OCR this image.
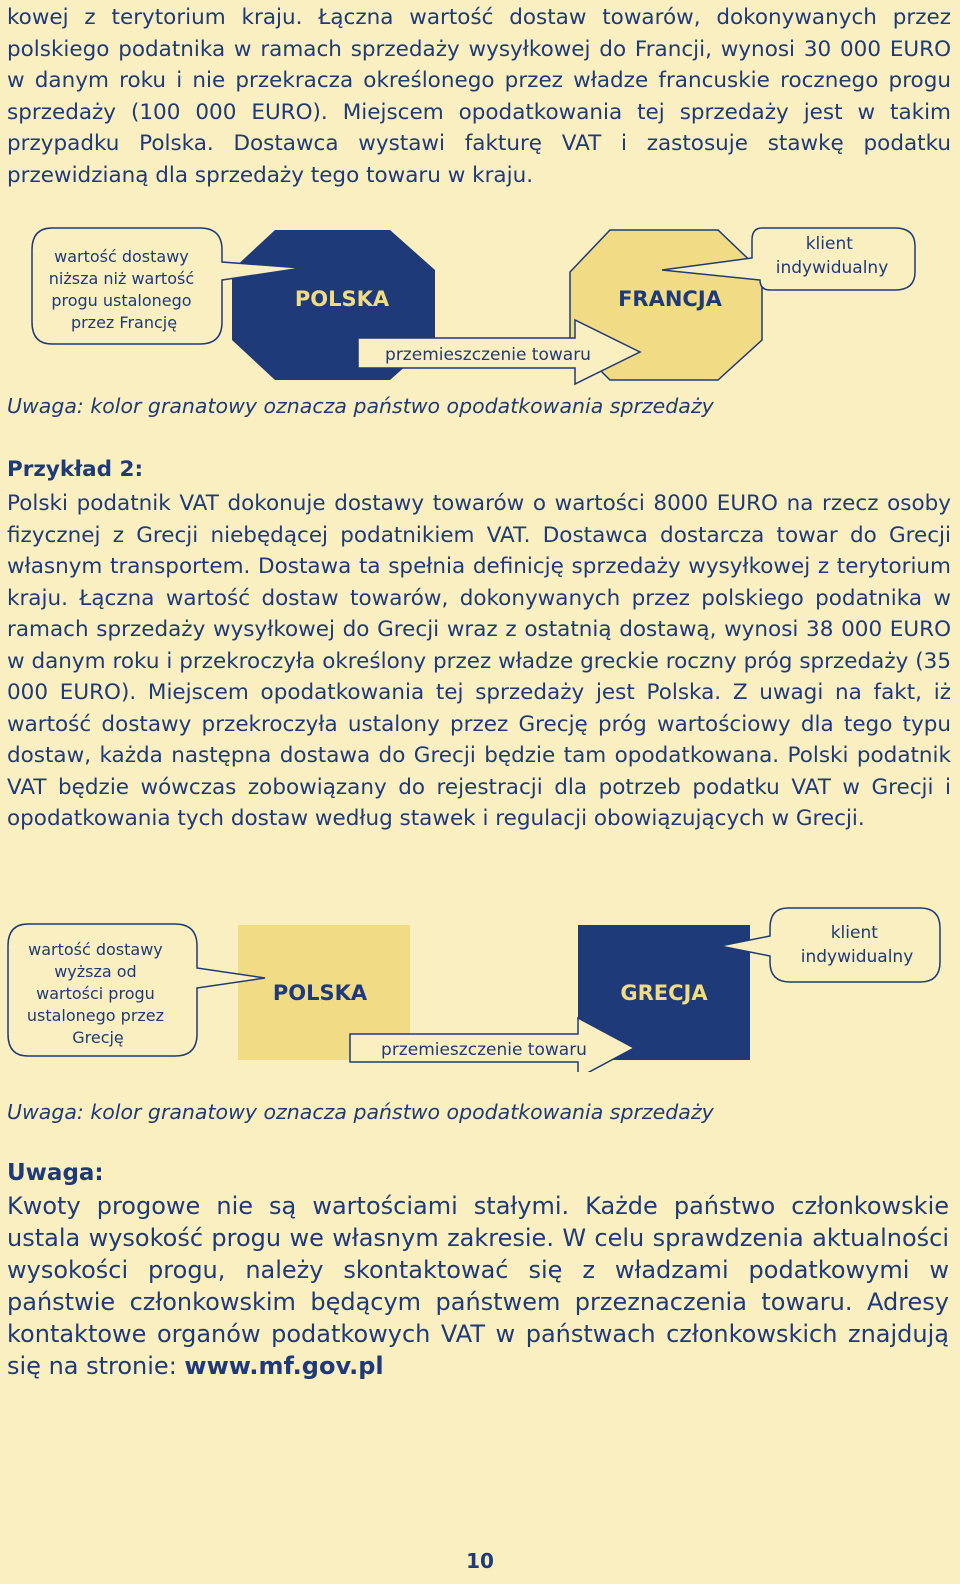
kowej z terytorium kraju. Łączna wartość dostaw towarów, dokonywanych przez polskiego podatnika w ramach sprzedaży wysyłkowej do Francji, wynosi 30 000 EURO w danym roku i nie przekracza określonego przez władze francuskie rocznego progu sprzedaży (100 000 EURO). Miejscem opodatkowania tej sprzedaży jest w takim przypadku Polska. Dostawca wystawi fakturę VAT i zastosuje stawkę podatku przewidzianą dla sprzedaży tego towaru w kraju.

wartość dostawy niższa niż wartość progu ustalonego przez Francję
POLSKA	FRANCJA
przemieszczenie towaru
klient indywidualny

Uwaga: kolor granatowy oznacza państwo opodatkowania sprzedaży

Przykład 2:

Polski podatnik VAT dokonuje dostawy towarów o wartości 8000 EURO na rzecz osoby fizycznej z Grecji niebędącej podatnikiem VAT. Dostawca dostarcza towar do Grecji własnym transportem. Dostawa ta spełnia definicję sprzedaży wysyłkowej z terytorium kraju. Łączna wartość dostaw towarów, dokonywanych przez polskiego podatnika w ramach sprzedaży wysyłkowej do Grecji wraz z ostatnią dostawą, wynosi 38 000 EURO w danym roku i przekroczyła określony przez władze greckie roczny próg sprzedaży (35 000 EURO). Miejscem opodatkowania tej sprzedaży jest Polska. Z uwagi na fakt, iż wartość dostawy przekroczyła ustalony przez Grecję próg wartościowy dla tego typu dostaw, każda następna dostawa do Grecji będzie tam opodatkowana. Polski podatnik VAT będzie wówczas zobowiązany do rejestracji dla potrzeb podatku VAT w Grecji i opodatkowania tych dostaw według stawek i regulacji obowiązujących w Grecji.

wartość dostawy wyższa od wartości progu ustalonego przez Grecję
POLSKA	GRECJA
przemieszczenie towaru
klient indywidualny

Uwaga: kolor granatowy oznacza państwo opodatkowania sprzedaży

Uwaga:

Kwoty progowe nie są wartościami stałymi. Każde państwo członkowskie ustala wysokość progu we własnym zakresie. W celu sprawdzenia aktualności wysokości progu, należy skontaktować się z władzami podatkowymi w państwie członkowskim będącym państwem przeznaczenia towaru. Adresy kontaktowe organów podatkowych VAT w państwach członkowskich znajdują się na stronie: www.mf.gov.pl

10
